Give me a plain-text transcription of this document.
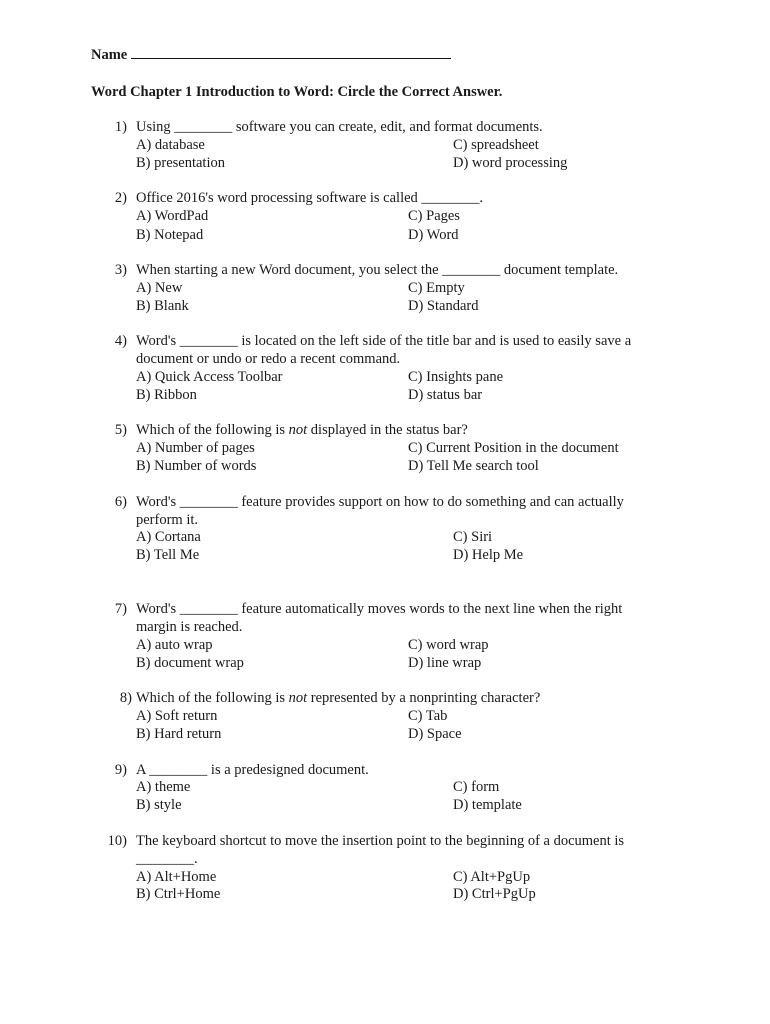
Name
Word Chapter 1 Introduction to Word: Circle the Correct Answer.
1) Using ________ software you can create, edit, and format documents.
A) database
B) presentation
C) spreadsheet
D) word processing
2) Office 2016's word processing software is called ________.
A) WordPad
B) Notepad
C) Pages
D) Word
3) When starting a new Word document, you select the ________ document template.
A) New
B) Blank
C) Empty
D) Standard
4) Word's ________ is located on the left side of the title bar and is used to easily save a
document or undo or redo a recent command.
A) Quick Access Toolbar
B) Ribbon
C) Insights pane
D) status bar
5) Which of the following is not displayed in the status bar?
A) Number of pages
B) Number of words
C) Current Position in the document
D) Tell Me search tool
6) Word's ________ feature provides support on how to do something and can actually
perform it.
A) Cortana
B) Tell Me
C) Siri
D) Help Me
7) Word's ________ feature automatically moves words to the next line when the right
margin is reached.
A) auto wrap
B) document wrap
C) word wrap
D) line wrap
8) Which of the following is not represented by a nonprinting character?
A) Soft return
B) Hard return
C) Tab
D) Space
9) A ________ is a predesigned document.
A) theme
B) style
C) form
D) template
10) The keyboard shortcut to move the insertion point to the beginning of a document is
________.
A) Alt+Home
B) Ctrl+Home
C) Alt+PgUp
D) Ctrl+PgUp
